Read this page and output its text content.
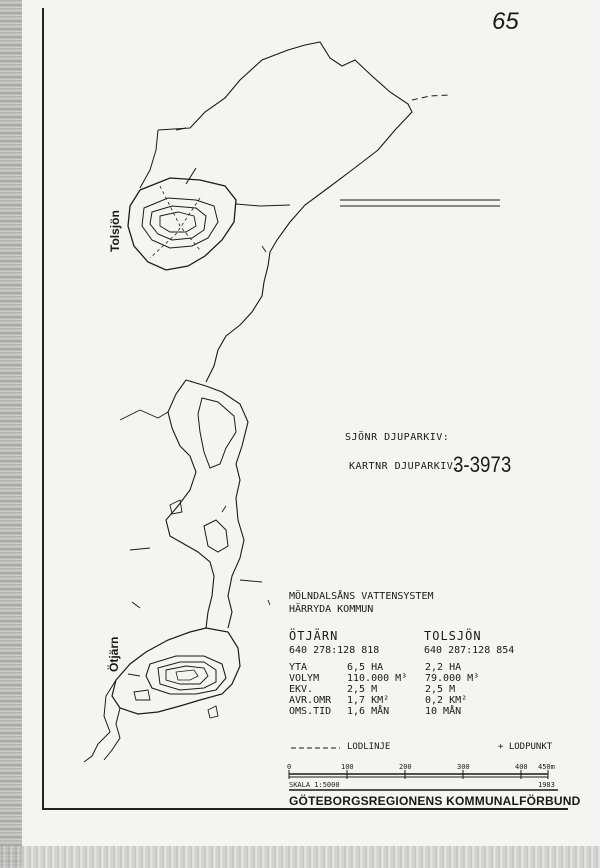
65
Tolsjön
Ötjärn
SJÖNR DJUPARKIV:
KARTNR DJUPARKIV:
3-3973
MÖLNDALSÅNS VATTENSYSTEM
HÄRRYDA KOMMUN
ÖTJÄRN	TOLSJÖN
640 278:128 818	640 287:128 854
YTA	6,5 HA	2,2 HA
VOLYM	110.000 M³	79.000 M³
EKV.	2,5 M	2,5 M
AVR.OMR	1,7 KM²	0,2 KM²
OMS.TID	1,6 MÅN	10 MÅN
LODLINJE	+ LODPUNKT
0	100	200	300	400 450m
SKALA 1:5000	1983
GÖTEBORGSREGIONENS KOMMUNALFÖRBUND
